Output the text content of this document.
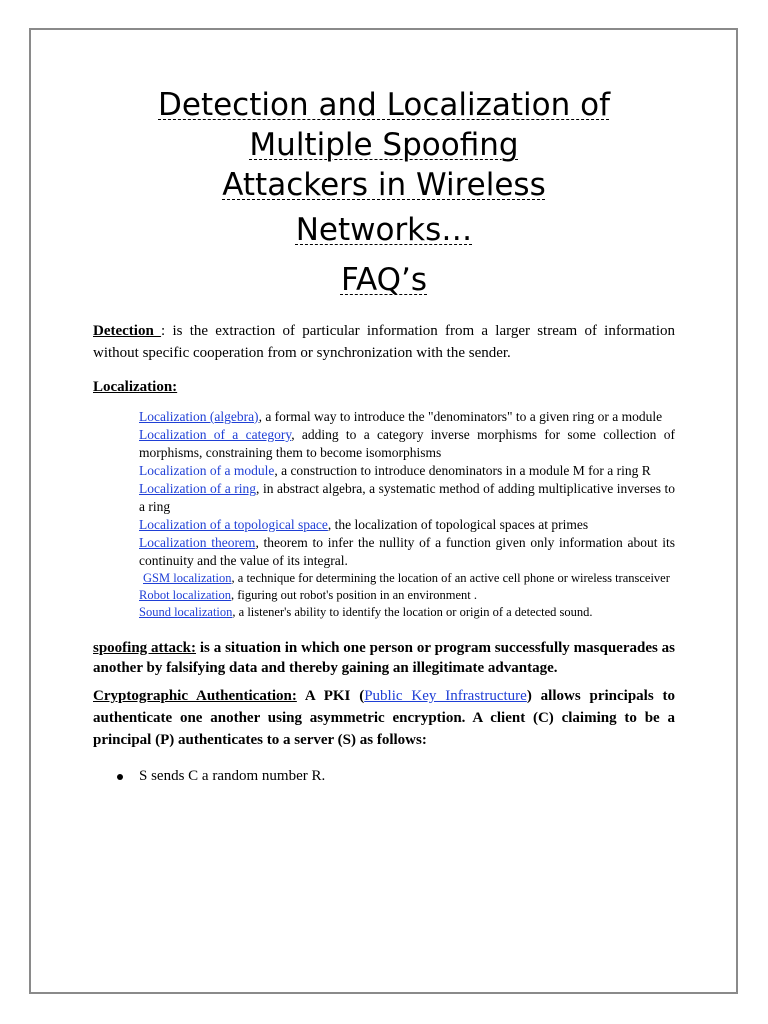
Detection and Localization of
Multiple Spoofing
Attackers in Wireless
Networks…
FAQ’s

Detection : is the extraction of particular information from a larger stream of information without specific cooperation from or synchronization with the sender.

Localization:

Localization (algebra), a formal way to introduce the "denominators" to a given ring or a module
Localization of a category, adding to a category inverse morphisms for some collection of morphisms, constraining them to become isomorphisms
Localization of a module, a construction to introduce denominators in a module M for a ring R
Localization of a ring, in abstract algebra, a systematic method of adding multiplicative inverses to a ring
Localization of a topological space, the localization of topological spaces at primes
Localization theorem, theorem to infer the nullity of a function given only information about its continuity and the value of its integral.
GSM localization, a technique for determining the location of an active cell phone or wireless transceiver
Robot localization, figuring out robot's position in an environment .
Sound localization, a listener's ability to identify the location or origin of a detected sound.

spoofing attack: is a situation in which one person or program successfully masquerades as another by falsifying data and thereby gaining an illegitimate advantage.

Cryptographic Authentication: A PKI (Public Key Infrastructure) allows principals to authenticate one another using asymmetric encryption. A client (C) claiming to be a principal (P) authenticates to a server (S) as follows:

S sends C a random number R.
